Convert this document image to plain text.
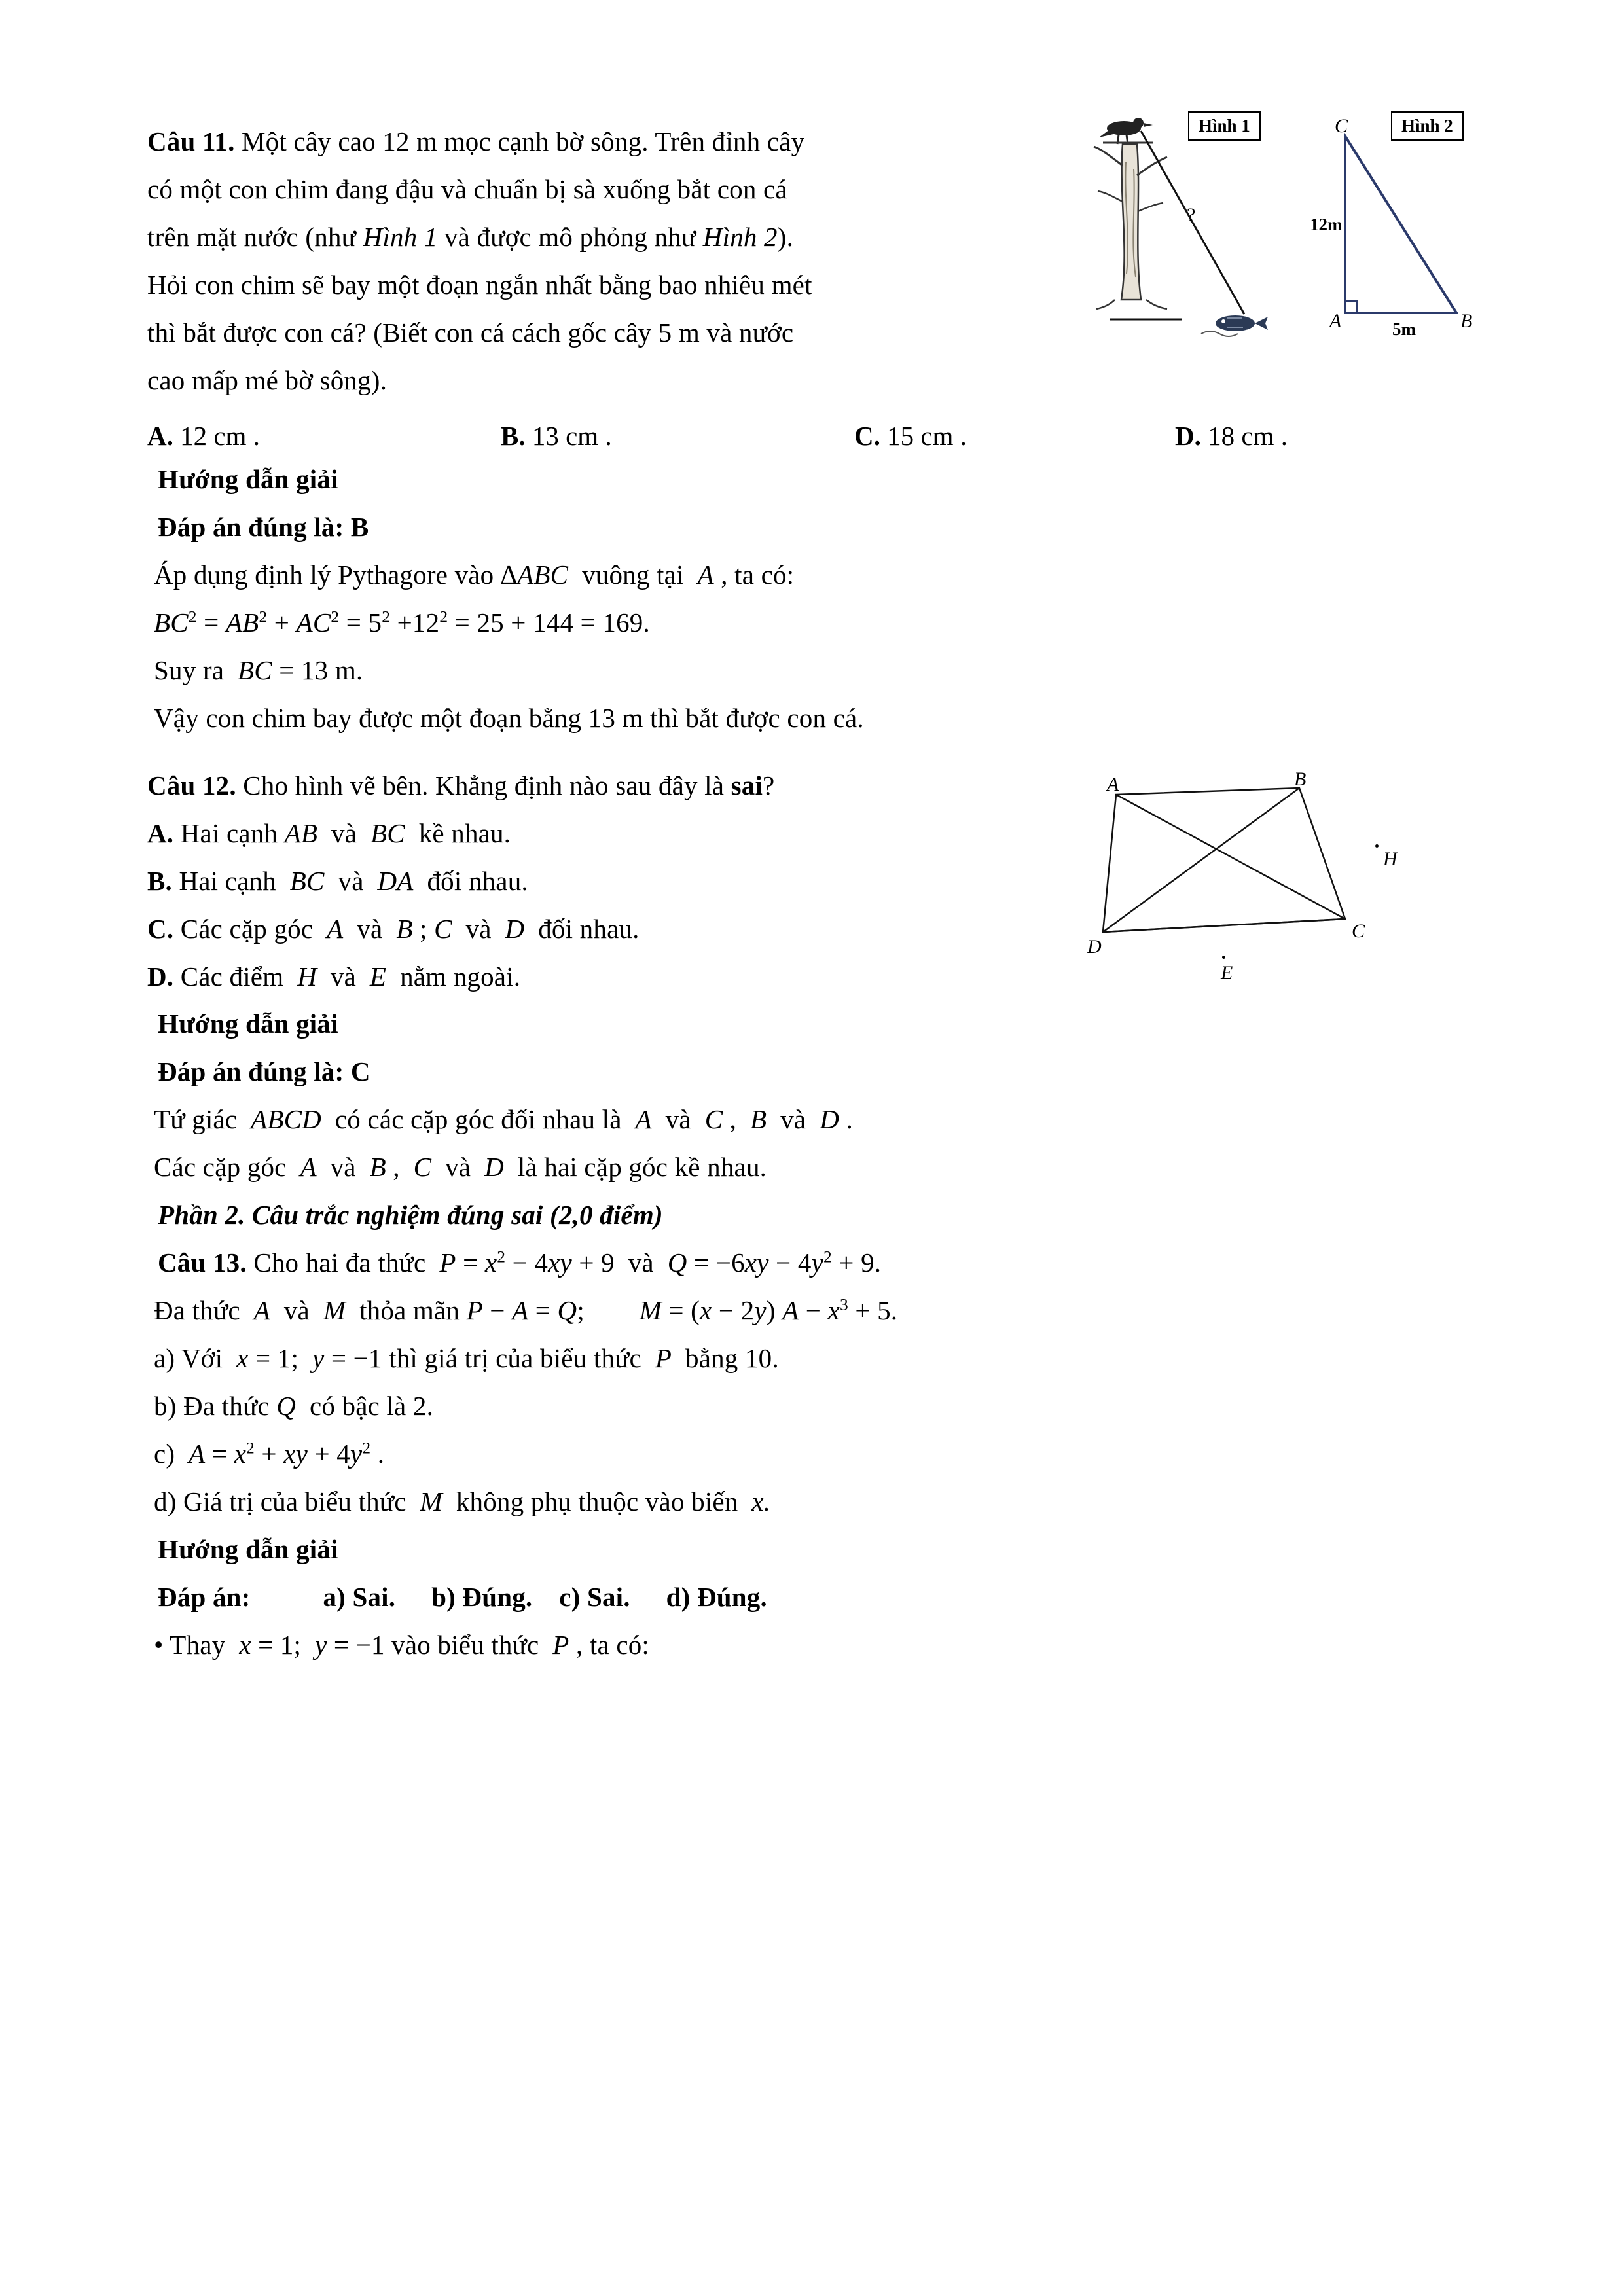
?
Hình 1	C
A	B
12m
5m
Hình 2

Câu 11. Một cây cao 12 m mọc cạnh bờ sông. Trên đỉnh cây

có một con chim đang đậu và chuẩn bị sà xuống bắt con cá

trên mặt nước (như Hình 1 và được mô phỏng như Hình 2).

Hỏi con chim sẽ bay một đoạn ngắn nhất bằng bao nhiêu mét

thì bắt được con cá? (Biết con cá cách gốc cây 5 m và nước

cao mấp mé bờ sông).

A. 12 cm .	B. 13 cm .	C. 15 cm .	D. 18 cm .

Hướng dẫn giải

Đáp án đúng là: B

Áp dụng định lý Pythagore vào ∆ABC  vuông tại  A , ta có:

$BC^2 = AB^2 + AC^2 = 5^2 +12^2 = 25 + 144 = 169$.

Suy ra  BC = 13 m.

Vậy con chim bay được một đoạn bằng 13 m thì bắt được con cá.

A	B
H
C
D
E

Câu 12. Cho hình vẽ bên. Khẳng định nào sau đây là sai?

A. Hai cạnh AB  và  BC  kề nhau.

B. Hai cạnh  BC  và  DA  đối nhau.

C. Các cặp góc  A  và  B ; C  và  D  đối nhau.

D. Các điểm  H  và  E  nằm ngoài.

Hướng dẫn giải

Đáp án đúng là: C

Tứ giác  ABCD  có các cặp góc đối nhau là  A  và  C ,  B  và  D .

Các cặp góc  A  và  B ,  C  và  D  là hai cặp góc kề nhau.

Phần 2. Câu trắc nghiệm đúng sai (2,0 điểm)

Câu 13. Cho hai đa thức  $P = x^2 - 4xy + 9$  và  $Q = -6xy - 4y^2 + 9$.

Đa thức  A  và  M  thỏa mãn P − A = Q; M = (x − 2y) $A - x^3 + 5$.

a) Với  x = 1; y = −1 thì giá trị của biểu thức  P  bằng 10.

b) Đa thức Q  có bậc là 2.

c)  $A = x^2$ + xy + $4y^2$ .

d) Giá trị của biểu thức  M  không phụ thuộc vào biến  x.

Hướng dẫn giải

Đáp án:	a) Sai. b) Đúng. c) Sai. d) Đúng.

• Thay  x = 1; y = −1 vào biểu thức  P , ta có:
